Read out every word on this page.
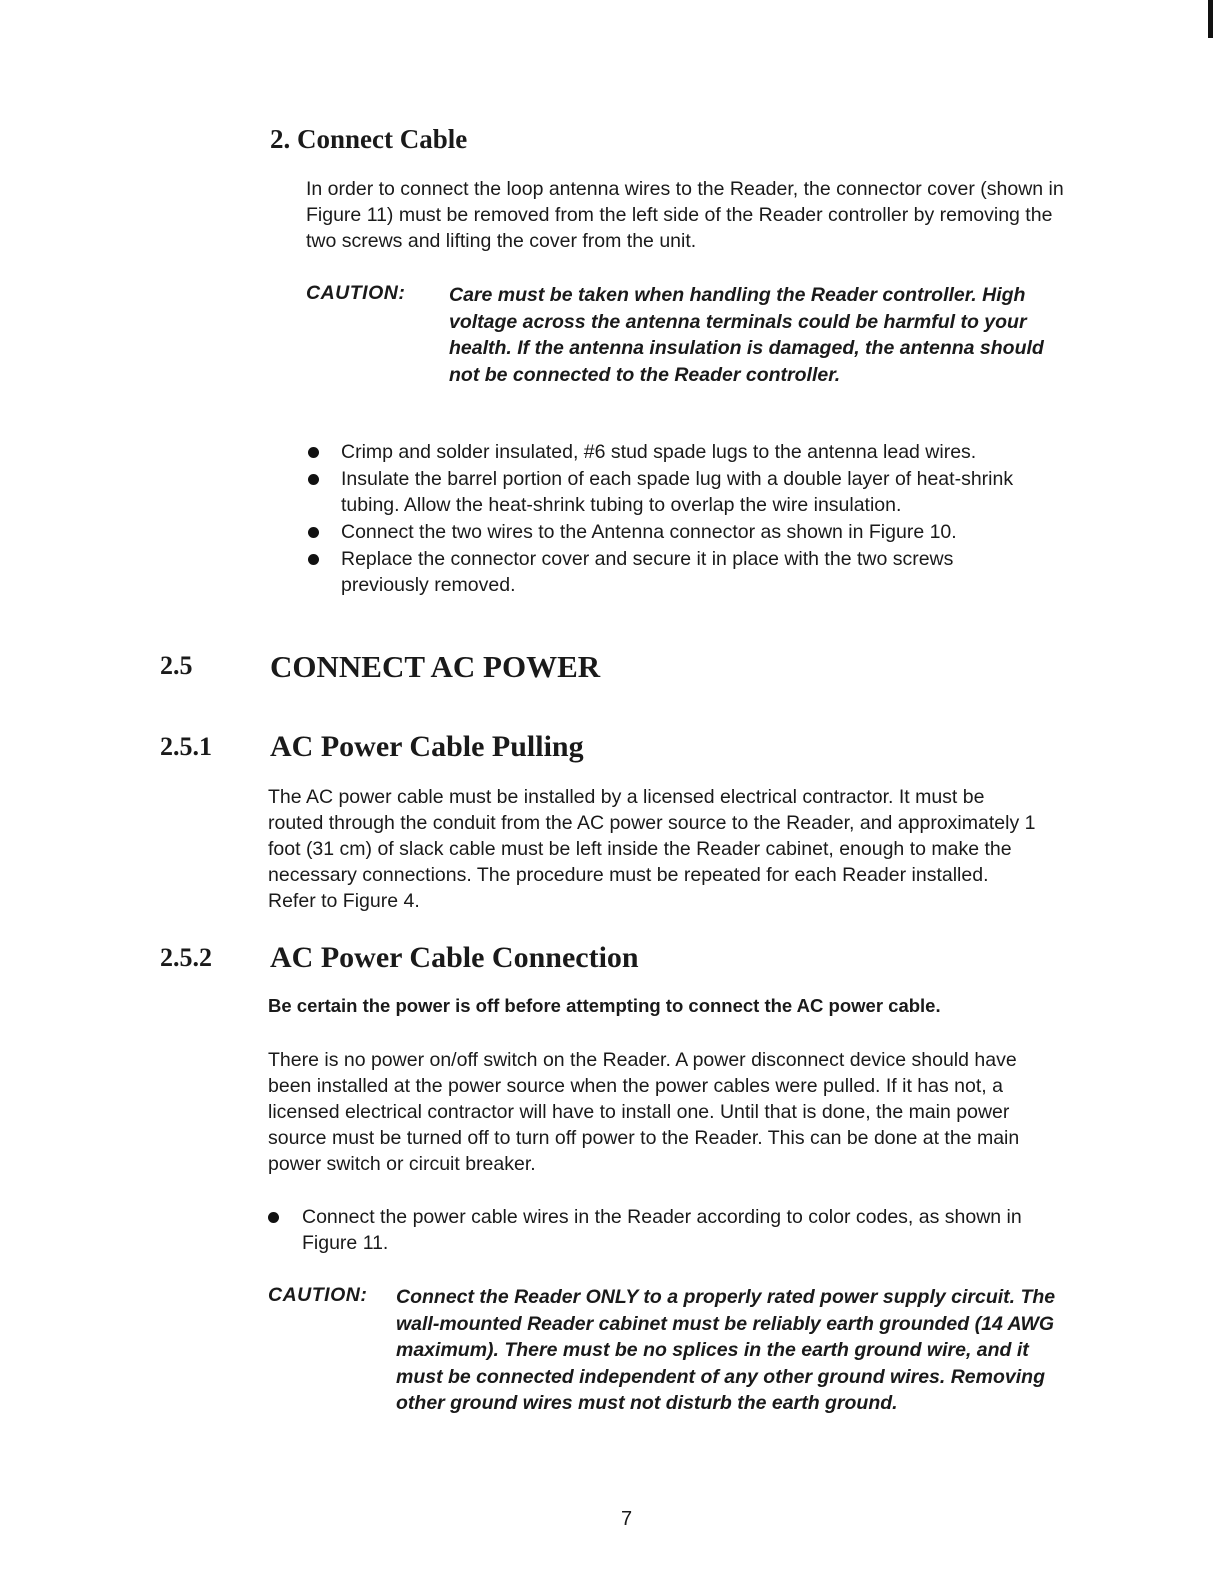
2. Connect Cable

In order to connect the loop antenna wires to the Reader, the connector cover (shown in Figure 11) must be removed from the left side of the Reader controller by removing the two screws and lifting the cover from the unit.

CAUTION: Care must be taken when handling the Reader controller. High voltage across the antenna terminals could be harmful to your health. If the antenna insulation is damaged, the antenna should not be connected to the Reader controller.

Crimp and solder insulated, #6 stud spade lugs to the antenna lead wires.
Insulate the barrel portion of each spade lug with a double layer of heat-shrink tubing. Allow the heat-shrink tubing to overlap the wire insulation.
Connect the two wires to the Antenna connector as shown in Figure 10.
Replace the connector cover and secure it in place with the two screws previously removed.
2.5	CONNECT AC POWER
2.5.1 AC Power Cable Pulling

The AC power cable must be installed by a licensed electrical contractor. It must be routed through the conduit from the AC power source to the Reader, and approximately 1 foot (31 cm) of slack cable must be left inside the Reader cabinet, enough to make the necessary connections. The procedure must be repeated for each Reader installed. Refer to Figure 4.

2.5.2 AC Power Cable Connection

Be certain the power is off before attempting to connect the AC power cable.

There is no power on/off switch on the Reader. A power disconnect device should have been installed at the power source when the power cables were pulled. If it has not, a licensed electrical contractor will have to install one. Until that is done, the main power source must be turned off to turn off power to the Reader. This can be done at the main power switch or circuit breaker.

Connect the power cable wires in the Reader according to color codes, as shown in Figure 11.
CAUTION: Connect the Reader ONLY to a properly rated power supply circuit. The wall-mounted Reader cabinet must be reliably earth grounded (14 AWG maximum). There must be no splices in the earth ground wire, and it must be connected independent of any other ground wires. Removing other ground wires must not disturb the earth ground.

7
